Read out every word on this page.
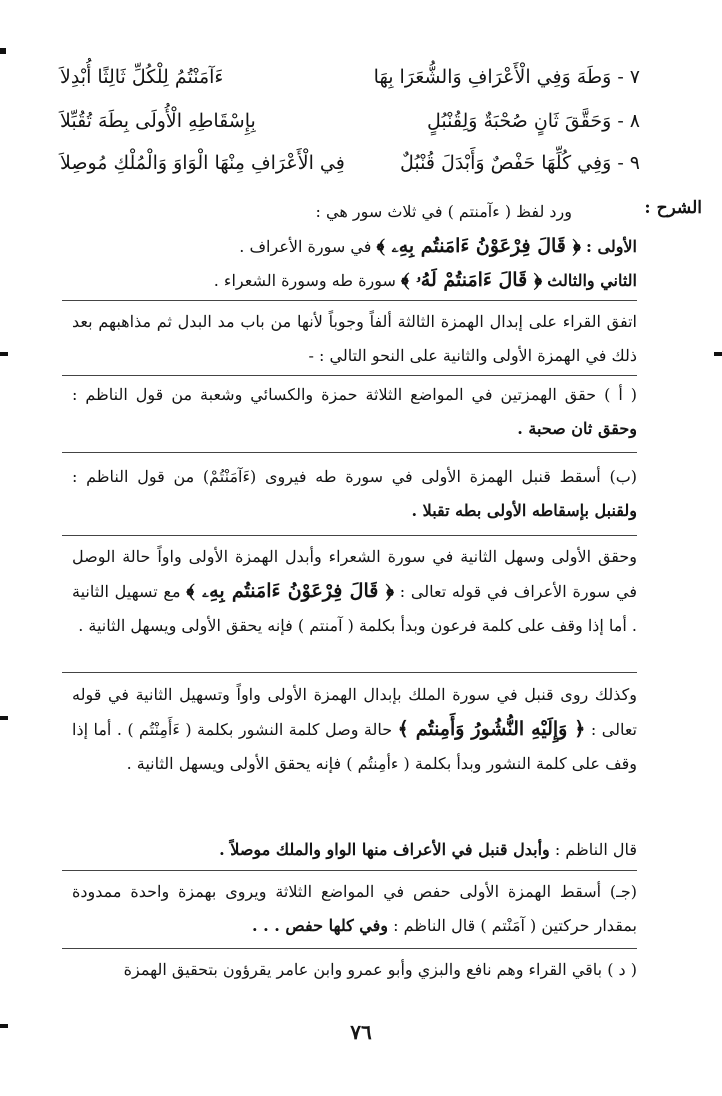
٧ - وَطَهَ وَفِي الْأَعْرَافِ وَالشُّعَرَا بِهَا
ءَآمَنْتُمُ لِلْكُلِّ ثَالِثًا أُبْدِلاَ
٨ - وَحَقَّقَ ثَانٍ صُحْبَةٌ وَلِقُنْبُلٍ
بِإِسْقَاطِهِ الْأُولَى بِطَهَ تُقُبِّلاَ
٩ - وَفِي كُلِّهَا حَفْصٌ وَأَبْدَلَ قُنْبُلٌ
فِي الْأَعْرَافِ مِنْهَا الْوَاوَ وَالْمُلْكِ مُوصِلاَ
الشرح :
ورد لفظ ( ءآمنتم ) في ثلاث سور هي :
الأولى : ﴿ قَالَ فِرْعَوْنُ ءَامَنتُم بِهِۦ ﴾ في سورة الأعراف .
الثاني والثالث ﴿ قَالَ ءَامَنتُمْ لَهُۥ ﴾ سورة طه وسورة الشعراء .
اتفق القراء على إبدال الهمزة الثالثة ألفاً وجوباً لأنها من باب مد البدل ثم مذاهبهم بعد ذلك في الهمزة الأولى والثانية على النحو التالي : -
( أ ) حقق الهمزتين في المواضع الثلاثة حمزة والكسائي وشعبة من قول الناظم : وحقق ثان صحبة .
(ب) أسقط قنبل الهمزة الأولى في سورة طه فيروى (ءَآمَنْتُمْ) من قول الناظم : ولقنبل بإسقاطه الأولى بطه تقبلا .
وحقق الأولى وسهل الثانية في سورة الشعراء وأبدل الهمزة الأولى واواً حالة الوصل في سورة الأعراف في قوله تعالى : ﴿ قَالَ فِرْعَوْنُ ءَامَنتُم بِهِۦ ﴾ مع تسهيل الثانية . أما إذا وقف على كلمة فرعون وبدأ بكلمة ( آمنتم ) فإنه يحقق الأولى ويسهل الثانية .
وكذلك روى قنبل في سورة الملك بإبدال الهمزة الأولى واواً وتسهيل الثانية في قوله تعالى : ﴿ وَإِلَيْهِ النُّشُورُ وَأَمِنتُم ﴾ حالة وصل كلمة النشور بكلمة ( ءَأَمِنْتُم ) . أما إذا وقف على كلمة النشور وبدأ بكلمة ( ءأمِنتُم ) فإنه يحقق الأولى ويسهل الثانية .
قال الناظم : وأبدل قنبل في الأعراف منها الواو والملك موصلاً .
(جـ) أسقط الهمزة الأولى حفص في المواضع الثلاثة ويروى بهمزة واحدة ممدودة بمقدار حركتين ( آمَنْتم ) قال الناظم : وفي كلها حفص . . .
( د ) باقي القراء وهم نافع والبزي وأبو عمرو وابن عامر يقرؤون بتحقيق الهمزة
٧٦
